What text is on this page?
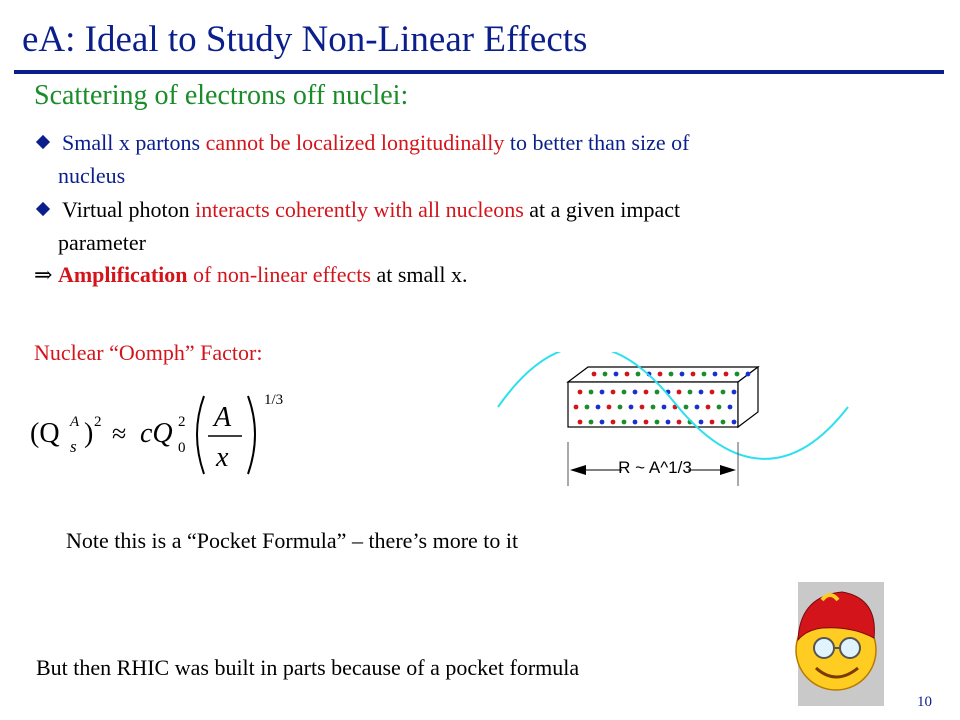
eA: Ideal to Study Non-Linear Effects
Scattering of electrons off nuclei:
Small x partons cannot be localized longitudinally to better than size of
nucleus
Virtual photon interacts coherently with all nucleons at a given impact
parameter
⇒ Amplification of non-linear effects at small x.
Nuclear “Oomph” Factor:
(Q s
A ) 2 ≈ cQ 0
2 A
x
1/3
R ~ A^1/3
Note this is a “Pocket Formula” – there’s more to it
But then RHIC was built in parts because of a pocket formula
10
